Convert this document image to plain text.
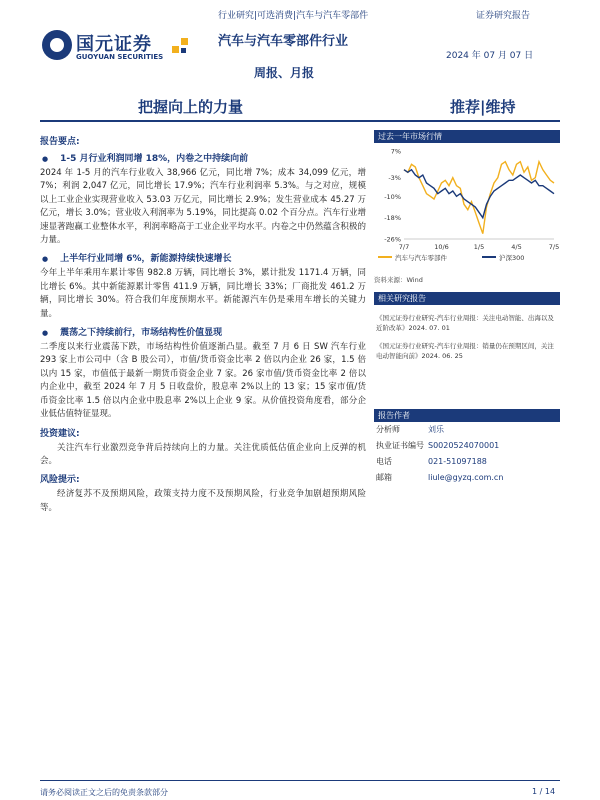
国元证券
GUOYUAN SECURITIES
行业研究|可选消费|汽车与汽车零部件	证券研究报告
汽车与汽车零部件行业
2024 年 07 月 07 日
周报、月报
把握向上的力量	推荐|维持
报告要点:
● 1-5 月行业利润同增 18%，内卷之中持续向前

2024 年 1-5 月的汽车行业收入 38,966 亿元，同比增 7%；成本 34,099 亿元，增 7%；利润 2,047 亿元，同比增长 17.9%；汽车行业利润率 5.3%。与之对应，规模以上工业企业实现营业收入 53.03 万亿元，同比增长 2.9%；发生营业成本 45.27 万亿元，增长 3.0%；营业收入利润率为 5.19%，同比提高 0.02 个百分点。汽车行业增速显著跑赢工业整体水平，利润率略高于工业企业平均水平。内卷之中仍然蕴含积极的力量。

● 上半年行业同增 6%，新能源持续快速增长

今年上半年乘用车累计零售 982.8 万辆，同比增长 3%，累计批发 1171.4 万辆，同比增长 6%。其中新能源累计零售 411.9 万辆，同比增长 33%；厂商批发 461.2 万辆，同比增长 30%。符合我们年度预期水平。新能源汽车仍是乘用车增长的关键力量。

● 震荡之下持续前行，市场结构性价值显现

二季度以来行业震荡下跌，市场结构性价值逐渐凸显。截至 7 月 6 日 SW 汽车行业 293 家上市公司中（含 B 股公司），市值/货币资金比率 2 倍以内企业 26 家，1.5 倍以内 15 家，市值低于最新一期货币资金企业 7 家。26 家市值/货币资金比率 2 倍以内企业中，截至 2024 年 7 月 5 日收盘价，股息率 2%以上的 13 家；15 家市值/货币资金比率 1.5 倍以内企业中股息率 2%以上企业 9 家。从价值投资角度看，部分企业低估值特征显现。

投资建议:

关注汽车行业激烈竞争背后持续向上的力量。关注优质低估值企业向上反弹的机会。

风险提示:

经济复苏不及预期风险，政策支持力度不及预期风险，行业竞争加剧超预期风险等。

过去一年市场行情
7%
-3%
-10%
-18%
-26%
7/7	10/6	1/5	4/5	7/5
汽车与汽车零部件	沪深300
资料来源：Wind
相关研究报告
《国元证券行业研究-汽车行业周报：关注电动智能、出海以及近阶改革》2024. 07. 01
《国元证券行业研究-汽车行业周报：销量仍在预期区间，关注电动智能向前》2024. 06. 25
报告作者
分析师	刘乐
执业证书编号 S0020524070001
电话	021-51097188
邮箱	liule@gyzq.com.cn
请务必阅读正文之后的免责条款部分	1 / 14
